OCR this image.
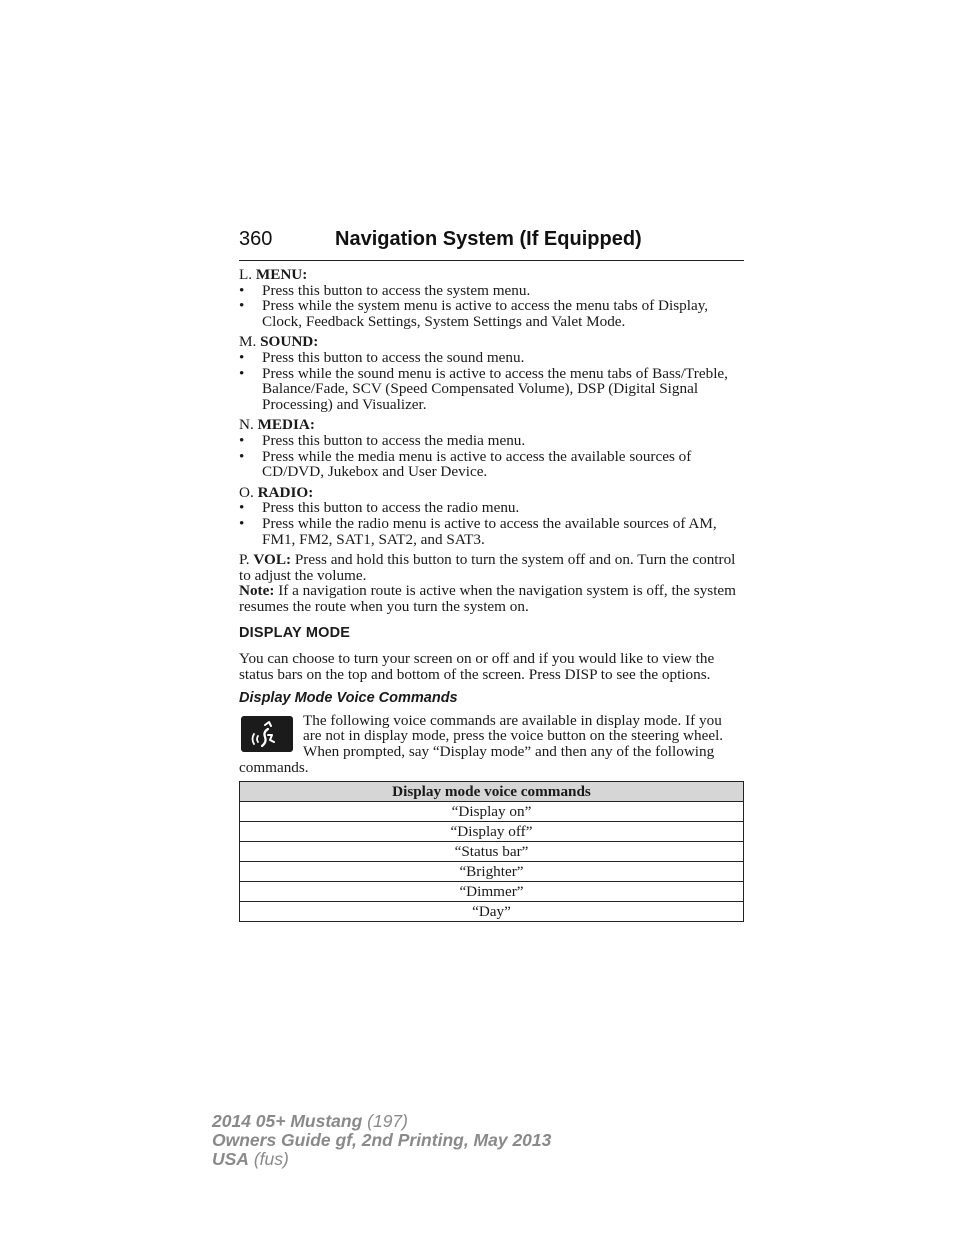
360	Navigation System (If Equipped)

L. MENU:

• Press this button to access the system menu.
• Press while the system menu is active to access the menu tabs of Display, Clock, Feedback Settings, System Settings and Valet Mode.

M. SOUND:

• Press this button to access the sound menu.
• Press while the sound menu is active to access the menu tabs of Bass/Treble, Balance/Fade, SCV (Speed Compensated Volume), DSP (Digital Signal Processing) and Visualizer.

N. MEDIA:

• Press this button to access the media menu.
• Press while the media menu is active to access the available sources of CD/DVD, Jukebox and User Device.

O. RADIO:

• Press this button to access the radio menu.
• Press while the radio menu is active to access the available sources of AM, FM1, FM2, SAT1, SAT2, and SAT3.

P. VOL: Press and hold this button to turn the system off and on. Turn the control to adjust the volume.

Note: If a navigation route is active when the navigation system is off, the system resumes the route when you turn the system on.

DISPLAY MODE

You can choose to turn your screen on or off and if you would like to view the status bars on the top and bottom of the screen. Press DISP to see the options.

Display Mode Voice Commands

The following voice commands are available in display mode. If you are not in display mode, press the voice button on the steering wheel. When prompted, say “Display mode” and then any of the following commands.

Display mode voice commands
“Display on”
“Display off”
“Status bar”
“Brighter”
“Dimmer”
“Day”
2014 05+ Mustang (197)
Owners Guide gf, 2nd Printing, May 2013
USA (fus)
